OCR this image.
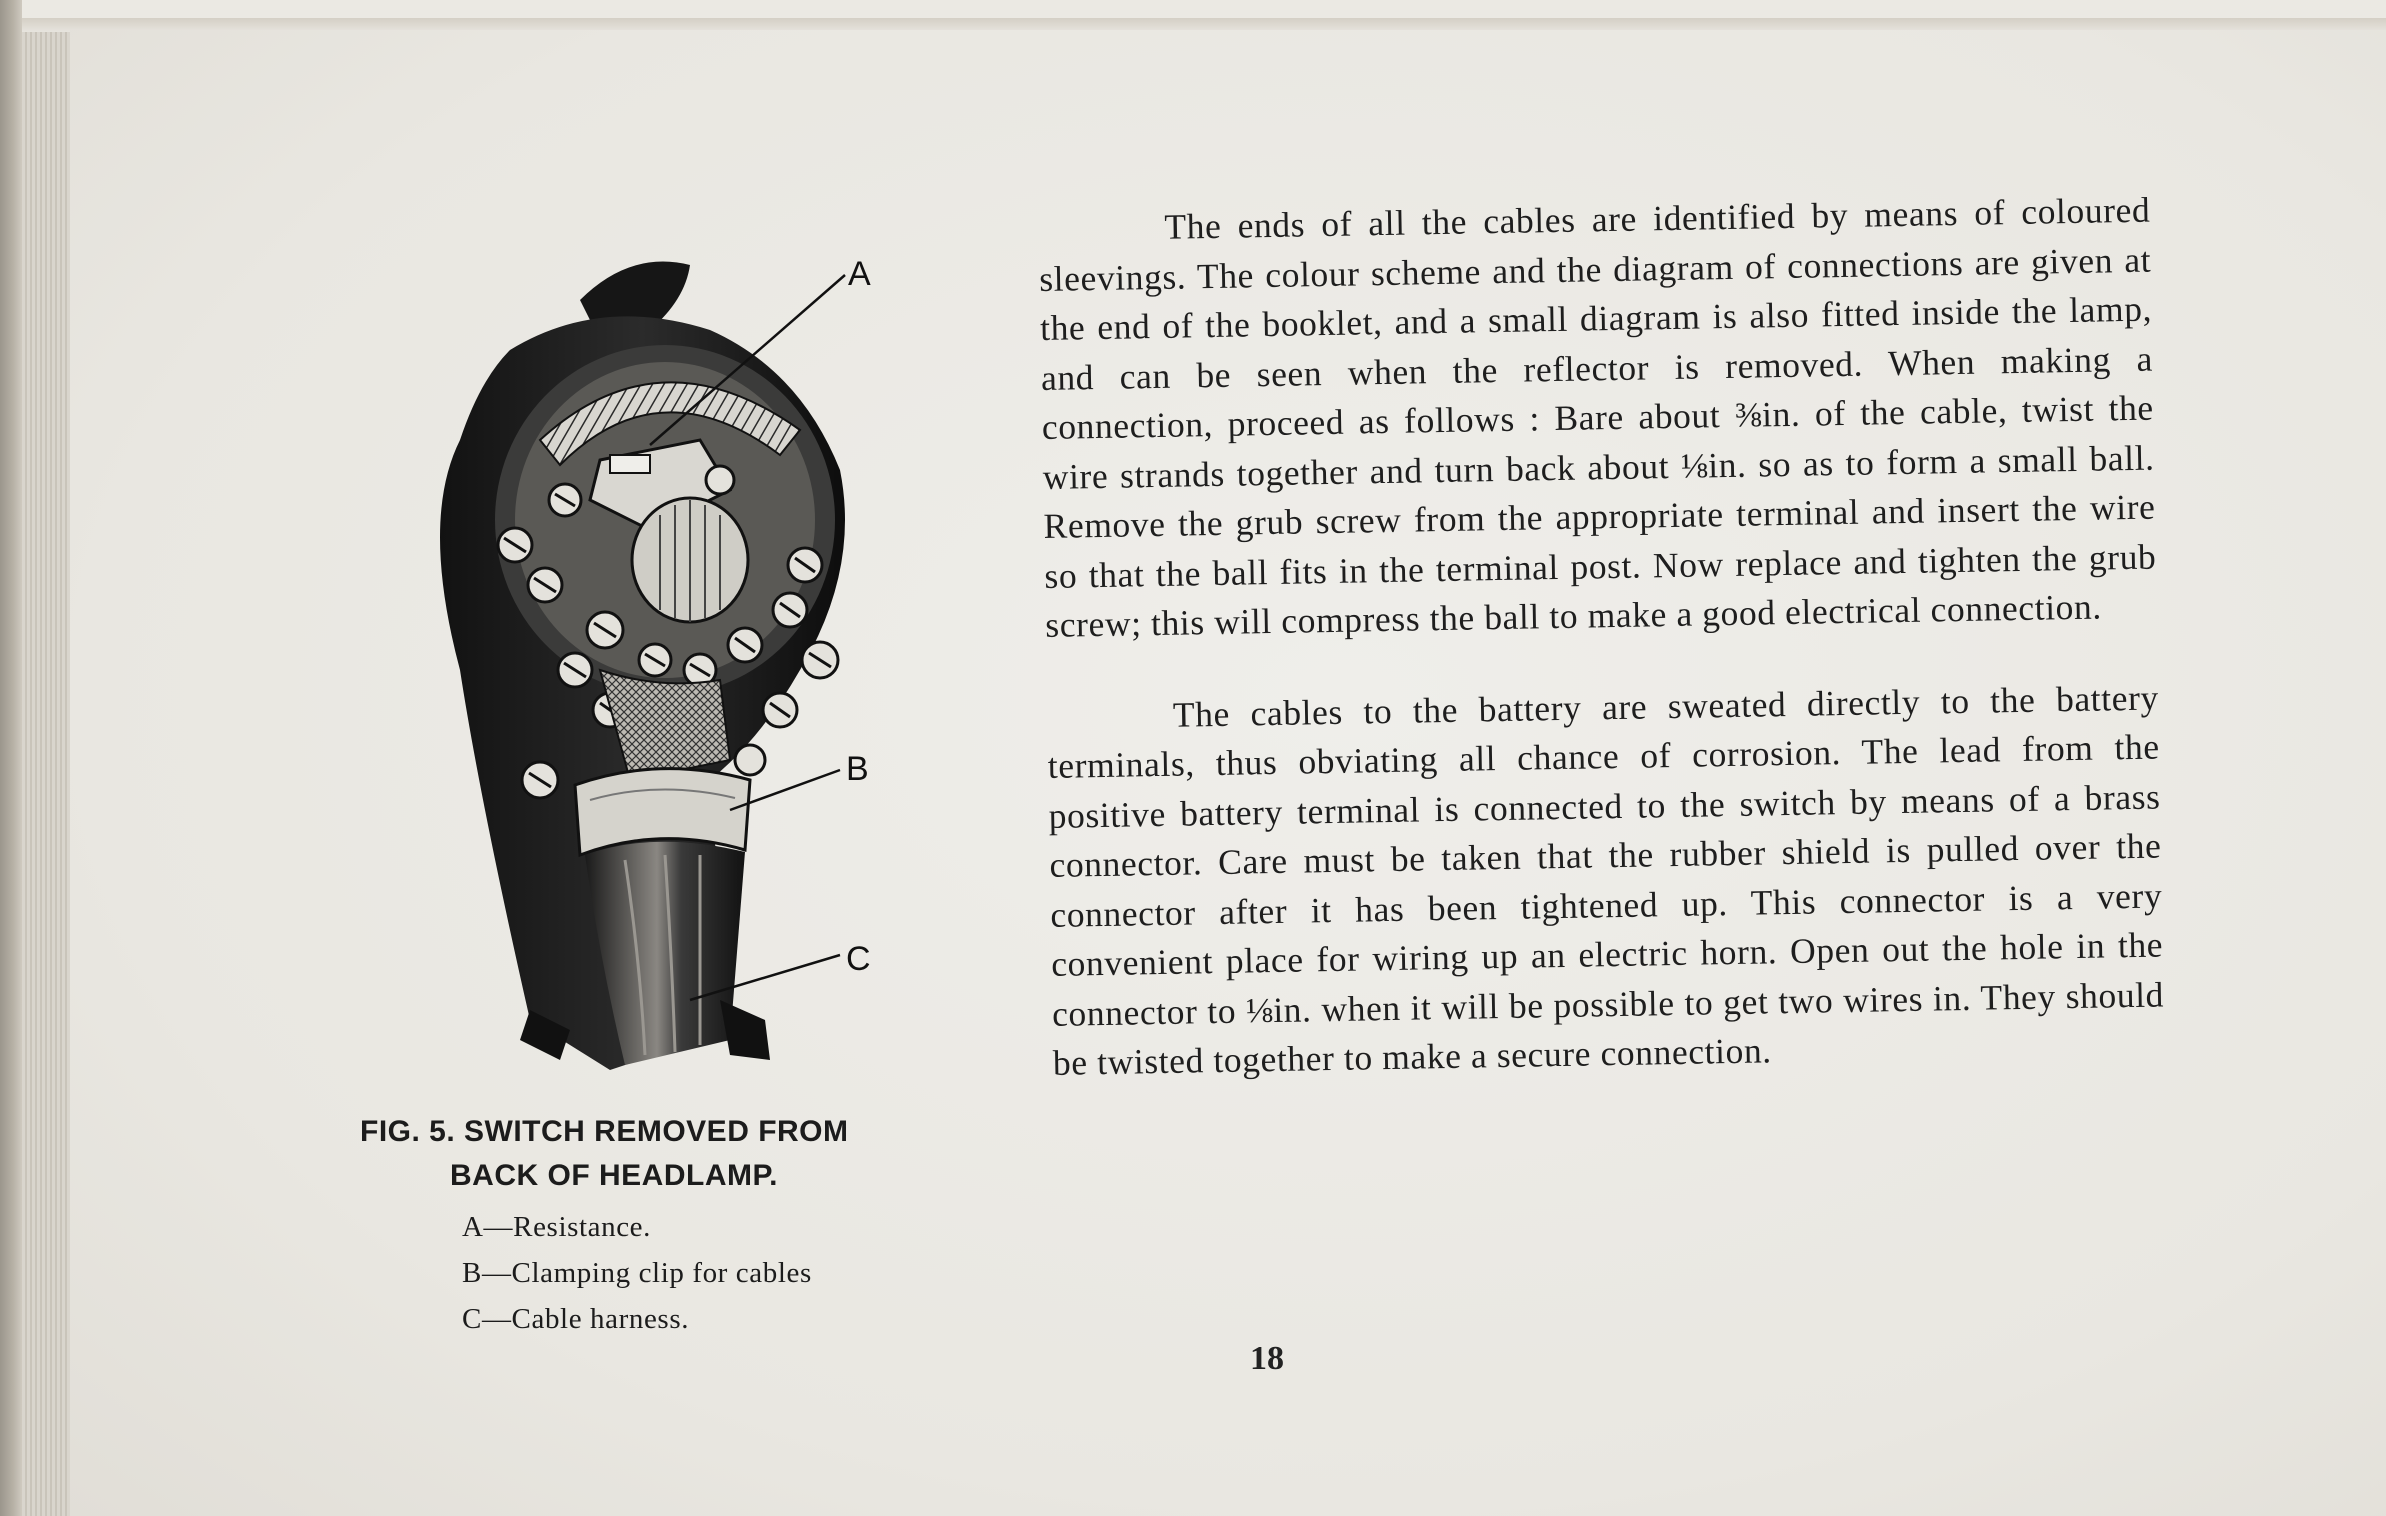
A
B
C

FIG. 5. SWITCH REMOVED FROM
BACK OF HEADLAMP.

A—Resistance.
B—Clamping clip for cables
C—Cable harness.

The ends of all the cables are identified by means of coloured sleevings. The colour scheme and the diagram of connections are given at the end of the booklet, and a small diagram is also fitted inside the lamp, and can be seen when the reflector is removed. When making a connection, proceed as follows : Bare about ⅜in. of the cable, twist the wire strands together and turn back about ⅛in. so as to form a small ball. Remove the grub screw from the appropriate terminal and insert the wire so that the ball fits in the terminal post. Now replace and tighten the grub screw; this will compress the ball to make a good electrical connection.

The cables to the battery are sweated directly to the battery terminals, thus obviating all chance of corrosion. The lead from the positive battery terminal is connected to the switch by means of a brass connector. Care must be taken that the rubber shield is pulled over the connector after it has been tightened up. This connector is a very convenient place for wiring up an electric horn. Open out the hole in the connector to ⅛in. when it will be possible to get two wires in. They should be twisted together to make a secure connection.

18
